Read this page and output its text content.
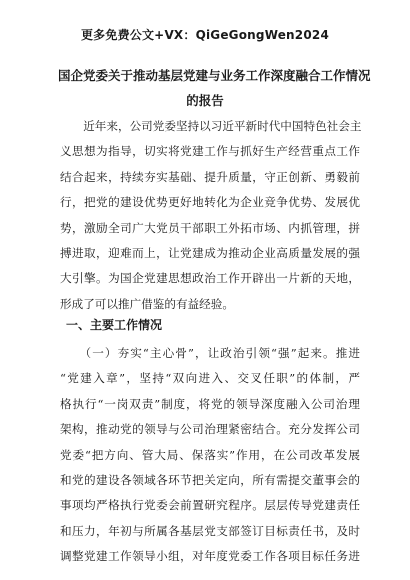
更多免费公文+VX：QiGeGongWen2024
国企党委关于推动基层党建与业务工作深度融合工作情况
的报告
　　近年来，公司党委坚持以习近平新时代中国特色社会主
义思想为指导，切实将党建工作与抓好生产经营重点工作
结合起来，持续夯实基础、提升质量，守正创新、勇毅前
行，把党的建设优势更好地转化为企业竞争优势、发展优
势，激励全司广大党员干部职工外拓市场、内抓管理，拼
搏进取，迎难而上，让党建成为推动企业高质量发展的强
大引擎。为国企党建思想政治工作开辟出一片新的天地，
形成了可以推广借鉴的有益经验。
一、主要工作情况
　　（一）夯实“主心骨”，让政治引领“强”起来。推进
“党建入章”，坚持“双向进入、交叉任职”的体制，严
格执行“一岗双责”制度，将党的领导深度融入公司治理
架构，推动党的领导与公司治理紧密结合。充分发挥公司
党委“把方向、管大局、保落实”作用，在公司改革发展
和党的建设各领域各环节把关定向，所有需提交董事会的
事项均严格执行党委会前置研究程序。层层传导党建责任
和压力，年初与所属各基层党支部签订目标责任书，及时
调整党建工作领导小组，对年度党委工作各项目标任务进
